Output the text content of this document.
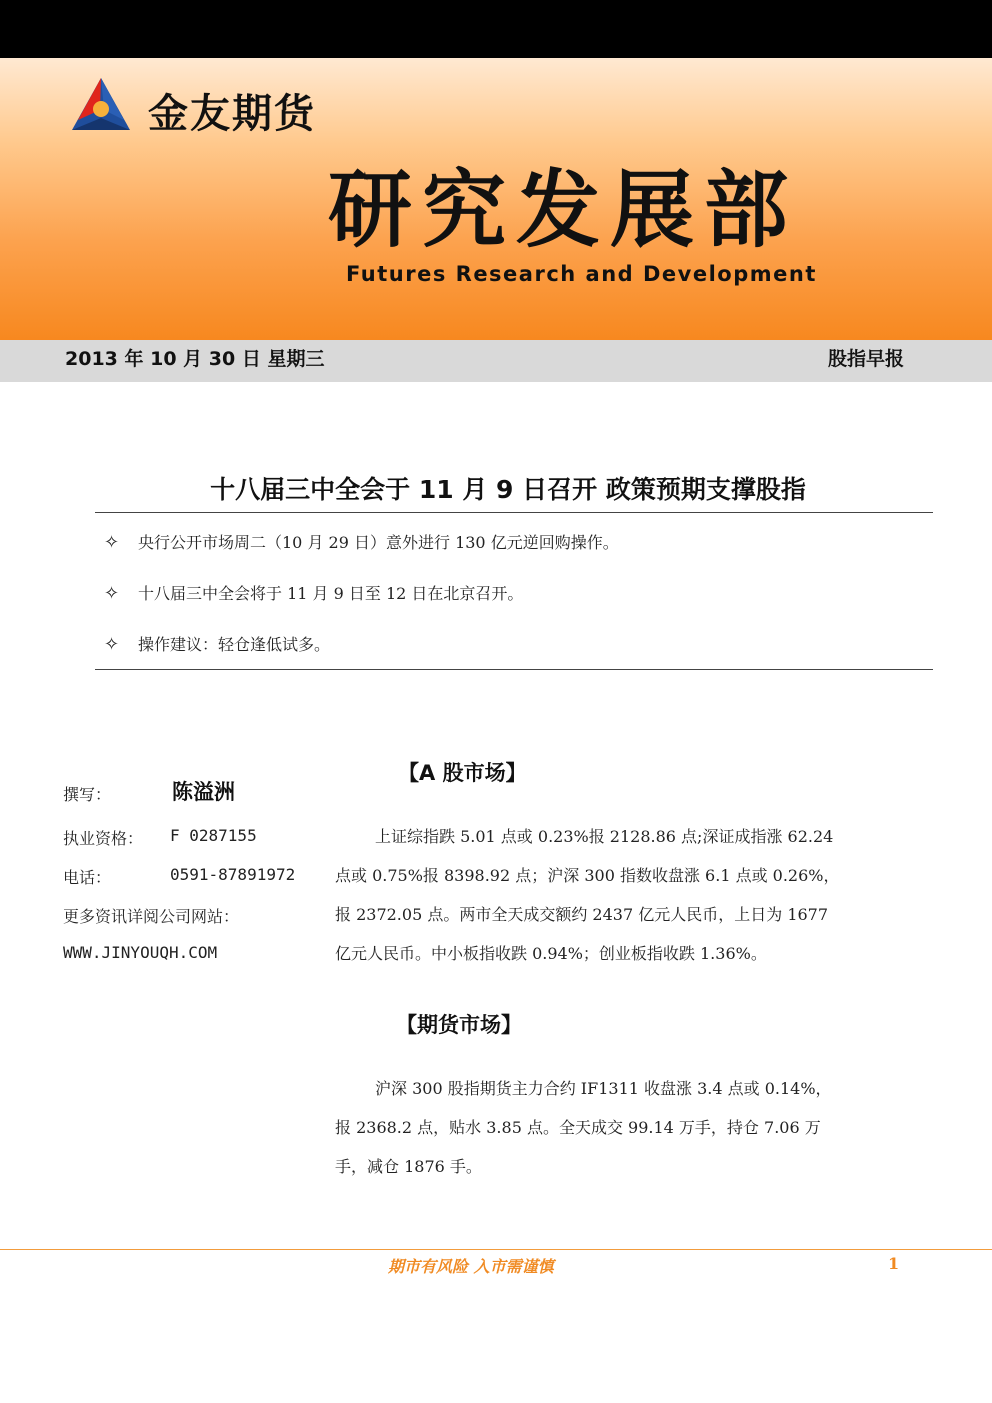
金友期货
研究发展部
Futures Research and Development
2013 年 10 月 30 日 星期三	股指早报
十八届三中全会于 11 月 9 日召开 政策预期支撑股指
✧ 央行公开市场周二（10 月 29 日）意外进行 130 亿元逆回购操作。
✧ 十八届三中全会将于 11 月 9 日至 12 日在北京召开。
✧ 操作建议：轻仓逢低试多。
撰写：	陈溢洲
执业资格： F 0287155
电话：	0591-87891972
更多资讯详阅公司网站：
WWW.JINYOUQH.COM
【A 股市场】
上证综指跌 5.01 点或 0.23%报 2128.86 点;深证成指涨 62.24
点或 0.75%报 8398.92 点；沪深 300 指数收盘涨 6.1 点或 0.26%，
报 2372.05 点。两市全天成交额约 2437 亿元人民币，上日为 1677
亿元人民币。中小板指收跌 0.94%；创业板指收跌 1.36%。
【期货市场】
沪深 300 股指期货主力合约 IF1311 收盘涨 3.4 点或 0.14%，
报 2368.2 点，贴水 3.85 点。全天成交 99.14 万手，持仓 7.06 万
手，减仓 1876 手。
期市有风险 入市需谨慎	1
